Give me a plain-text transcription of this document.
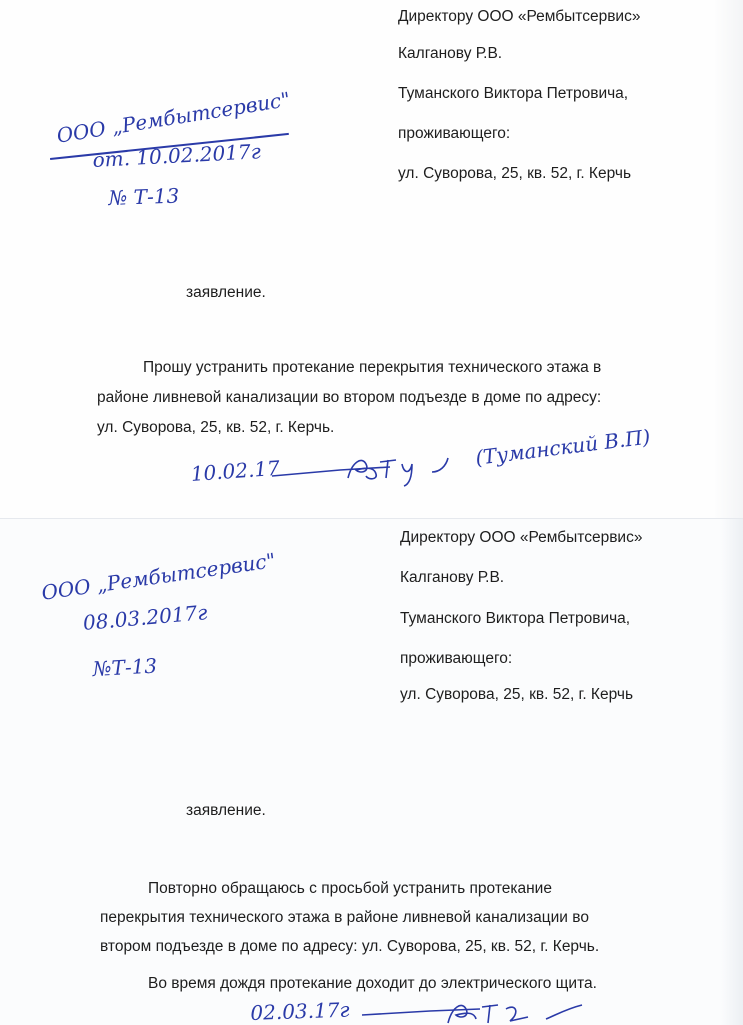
Директору ООО «Рембытсервис»
Калганову Р.В.
Туманского Виктора Петровича,
проживающего:
ул. Суворова, 25, кв. 52, г. Керчь
ООО „Рембытсервис"
от. 10.02.2017г
№ Т-13
заявление.
Прошу устранить протекание перекрытия технического этажа в
районе ливневой канализации во втором подъезде в доме по адресу:
ул. Суворова, 25, кв. 52, г. Керчь.
10.02.17
(Туманский В.П)
Директору ООО «Рембытсервис»
Калганову Р.В.
Туманского Виктора Петровича,
проживающего:
ул. Суворова, 25, кв. 52, г. Керчь
ООО „Рембытсервис"
08.03.2017г
№Т-13
заявление.
Повторно обращаюсь с просьбой устранить протекание
перекрытия технического этажа в районе ливневой канализации во
втором подъезде в доме по адресу: ул. Суворова, 25, кв. 52, г. Керчь.
Во время дождя протекание доходит до электрического щита.
02.03.17г
